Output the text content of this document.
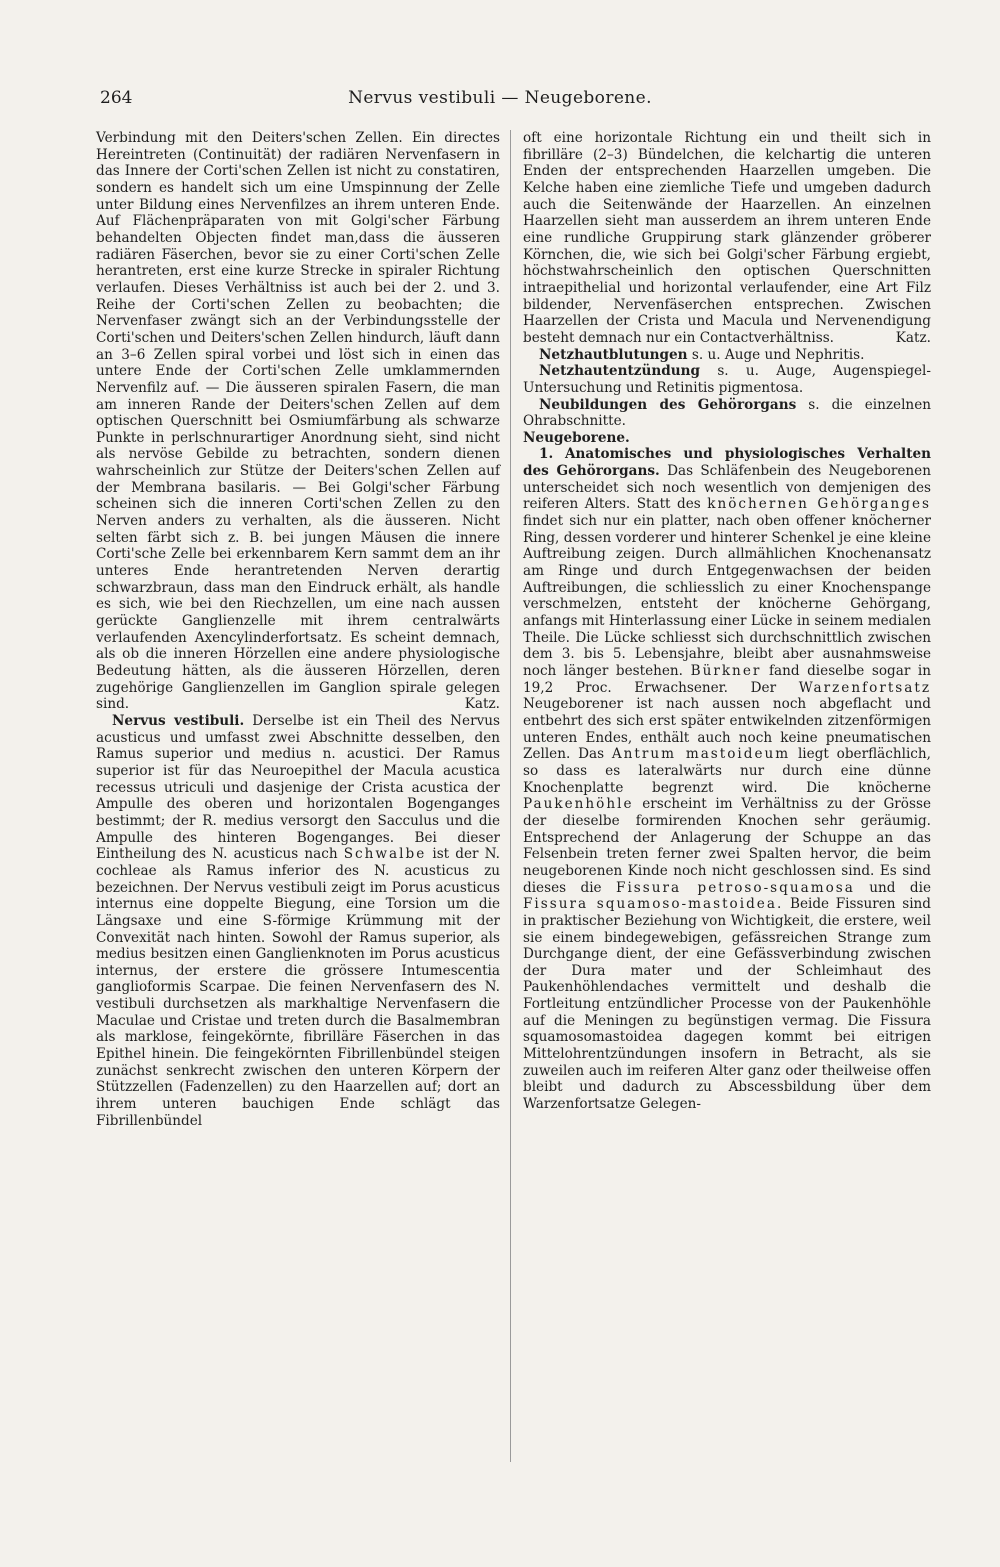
264	Nervus vestibuli — Neugeborene.

Verbindung mit den Deiters'schen Zellen. Ein directes Hereintreten (Continuität) der radiären Nervenfasern in das Innere der Corti'schen Zellen ist nicht zu constatiren, sondern es handelt sich um eine Umspinnung der Zelle unter Bildung eines Nervenfilzes an ihrem unteren Ende. Auf Flächenpräparaten von mit Golgi'scher Färbung behandelten Objecten findet man,dass die äusseren radiären Fäserchen, bevor sie zu einer Corti'schen Zelle herantreten, erst eine kurze Strecke in spiraler Richtung verlaufen. Dieses Verhältniss ist auch bei der 2. und 3. Reihe der Corti'schen Zellen zu beobachten; die Nervenfaser zwängt sich an der Verbindungsstelle der Corti'schen und Deiters'schen Zellen hindurch, läuft dann an 3–6 Zellen spiral vorbei und löst sich in einen das untere Ende der Corti'schen Zelle umklammernden Nervenfilz auf. — Die äusseren spiralen Fasern, die man am inneren Rande der Deiters'schen Zellen auf dem optischen Querschnitt bei Osmiumfärbung als schwarze Punkte in perlschnurartiger Anordnung sieht, sind nicht als nervöse Gebilde zu betrachten, sondern dienen wahrscheinlich zur Stütze der Deiters'schen Zellen auf der Membrana basilaris. — Bei Golgi'scher Färbung scheinen sich die inneren Corti'schen Zellen zu den Nerven anders zu verhalten, als die äusseren. Nicht selten färbt sich z. B. bei jungen Mäusen die innere Corti'sche Zelle bei erkennbarem Kern sammt dem an ihr unteres Ende herantretenden Nerven derartig schwarzbraun, dass man den Eindruck erhält, als handle es sich, wie bei den Riechzellen, um eine nach aussen gerückte Ganglienzelle mit ihrem centralwärts verlaufenden Axencylinderfortsatz. Es scheint demnach, als ob die inneren Hörzellen eine andere physiologische Bedeutung hätten, als die äusseren Hörzellen, deren zugehörige Ganglienzellen im Ganglion spirale gelegen sind.	Katz.

Nervus vestibuli. Derselbe ist ein Theil des Nervus acusticus und umfasst zwei Abschnitte desselben, den Ramus superior und medius n. acustici. Der Ramus superior ist für das Neuroepithel der Macula acustica recessus utriculi und dasjenige der Crista acustica der Ampulle des oberen und horizontalen Bogenganges bestimmt; der R. medius versorgt den Sacculus und die Ampulle des hinteren Bogenganges. Bei dieser Eintheilung des N. acusticus nach Schwalbe ist der N. cochleae als Ramus inferior des N. acusticus zu bezeichnen. Der Nervus vestibuli zeigt im Porus acusticus internus eine doppelte Biegung, eine Torsion um die Längsaxe und eine S-förmige Krümmung mit der Convexität nach hinten. Sowohl der Ramus superior, als medius besitzen einen Ganglienknoten im Porus acusticus internus, der erstere die grössere Intumescentia ganglioformis Scarpae. Die feinen Nervenfasern des N. vestibuli durchsetzen als markhaltige Nervenfasern die Maculae und Cristae und treten durch die Basalmembran als marklose, feingekörnte, fibrilläre Fäserchen in das Epithel hinein. Die feingekörnten Fibrillenbündel steigen zunächst senkrecht zwischen den unteren Körpern der Stützzellen (Fadenzellen) zu den Haarzellen auf; dort an ihrem unteren bauchigen Ende schlägt das Fibrillenbündel

oft eine horizontale Richtung ein und theilt sich in fibrilläre (2–3) Bündelchen, die kelchartig die unteren Enden der entsprechenden Haarzellen umgeben. Die Kelche haben eine ziemliche Tiefe und umgeben dadurch auch die Seitenwände der Haarzellen. An einzelnen Haarzellen sieht man ausserdem an ihrem unteren Ende eine rundliche Gruppirung stark glänzender gröberer Körnchen, die, wie sich bei Golgi'scher Färbung ergiebt, höchstwahrscheinlich den optischen Querschnitten intraepithelial und horizontal verlaufender, eine Art Filz bildender, Nervenfäserchen entsprechen. Zwischen Haarzellen der Crista und Macula und Nervenendigung besteht demnach nur ein Contactverhältniss.	Katz.

Netzhautblutungen s. u. Auge und Nephritis.

Netzhautentzündung s. u. Auge, Augenspiegel-Untersuchung und Retinitis pigmentosa.

Neubildungen des Gehörorgans s. die einzelnen Ohrabschnitte.

Neugeborene.

1. Anatomisches und physiologisches Verhalten des Gehörorgans. Das Schläfenbein des Neugeborenen unterscheidet sich noch wesentlich von demjenigen des reiferen Alters. Statt des knöchernen Gehörganges findet sich nur ein platter, nach oben offener knöcherner Ring, dessen vorderer und hinterer Schenkel je eine kleine Auftreibung zeigen. Durch allmählichen Knochenansatz am Ringe und durch Entgegenwachsen der beiden Auftreibungen, die schliesslich zu einer Knochenspange verschmelzen, entsteht der knöcherne Gehörgang, anfangs mit Hinterlassung einer Lücke in seinem medialen Theile. Die Lücke schliesst sich durchschnittlich zwischen dem 3. bis 5. Lebensjahre, bleibt aber ausnahmsweise noch länger bestehen. Bürkner fand dieselbe sogar in 19,2 Proc. Erwachsener. Der Warzenfortsatz Neugeborener ist nach aussen noch abgeflacht und entbehrt des sich erst später entwikelnden zitzenförmigen unteren Endes, enthält auch noch keine pneumatischen Zellen. Das Antrum mastoideum liegt oberflächlich, so dass es lateralwärts nur durch eine dünne Knochenplatte begrenzt wird. Die knöcherne Paukenhöhle erscheint im Verhältniss zu der Grösse der dieselbe formirenden Knochen sehr geräumig. Entsprechend der Anlagerung der Schuppe an das Felsenbein treten ferner zwei Spalten hervor, die beim neugeborenen Kinde noch nicht geschlossen sind. Es sind dieses die Fissura petroso-squamosa und die Fissura squamoso-mastoidea. Beide Fissuren sind in praktischer Beziehung von Wichtigkeit, die erstere, weil sie einem bindegewebigen, gefässreichen Strange zum Durchgange dient, der eine Gefässverbindung zwischen der Dura mater und der Schleimhaut des Paukenhöhlendaches vermittelt und deshalb die Fortleitung entzündlicher Processe von der Paukenhöhle auf die Meningen zu begünstigen vermag. Die Fissura squamosomastoidea dagegen kommt bei eitrigen Mittelohrentzündungen insofern in Betracht, als sie zuweilen auch im reiferen Alter ganz oder theilweise offen bleibt und dadurch zu Abscessbildung über dem Warzenfortsatze Gelegen-
